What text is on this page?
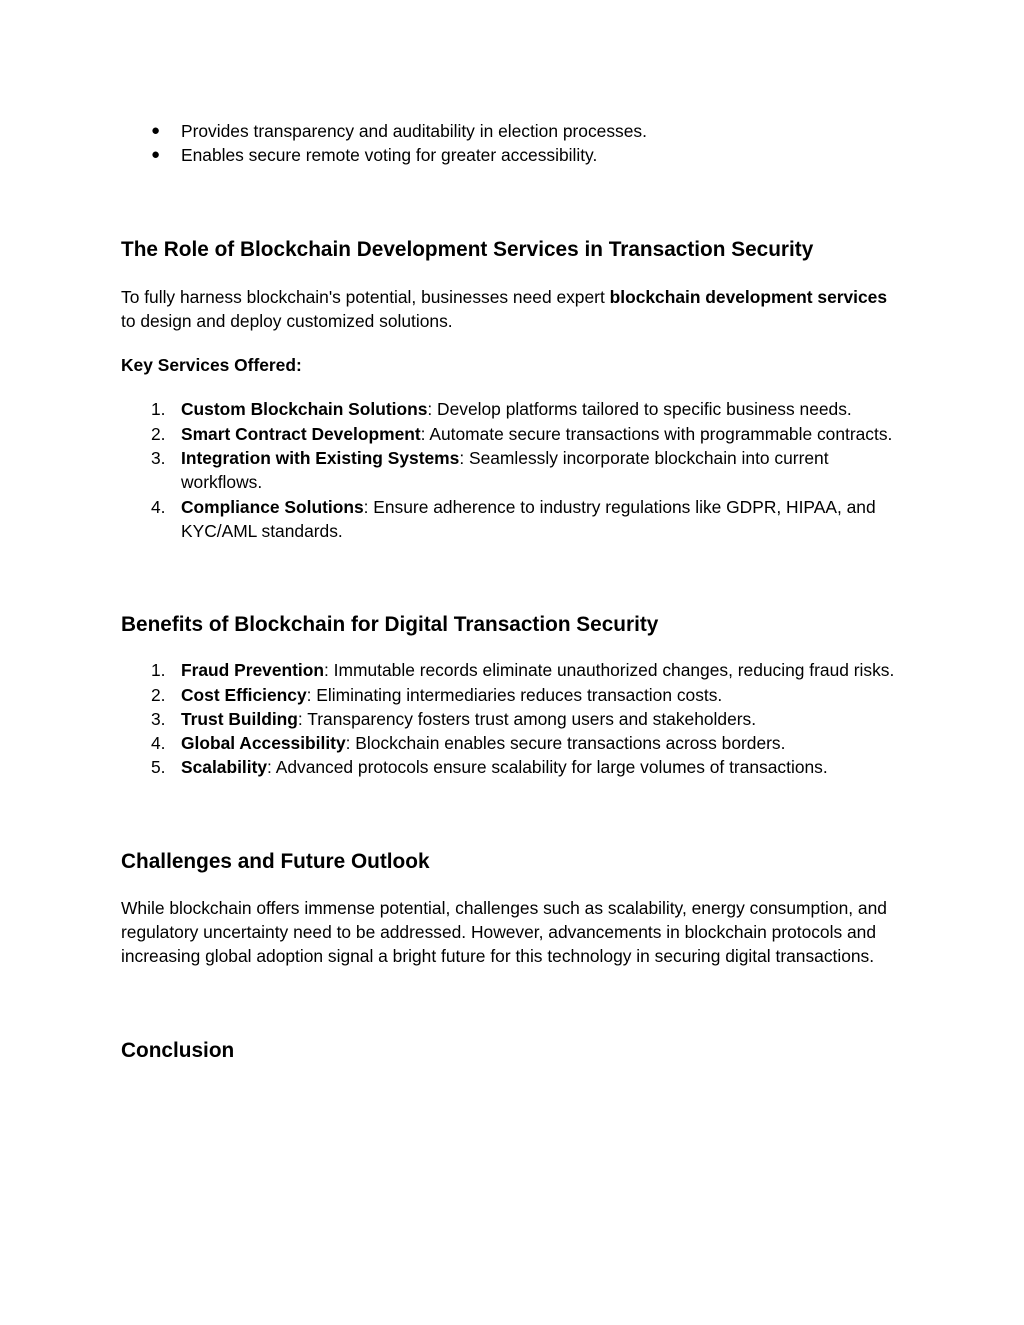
● Provides transparency and auditability in election processes.
● Enables secure remote voting for greater accessibility.
The Role of Blockchain Development Services in Transaction Security

To fully harness blockchain's potential, businesses need expert blockchain development services to design and deploy customized solutions.

Key Services Offered:

1. Custom Blockchain Solutions: Develop platforms tailored to specific business needs.
2. Smart Contract Development: Automate secure transactions with programmable contracts.
3. Integration with Existing Systems: Seamlessly incorporate blockchain into current workflows.
4. Compliance Solutions: Ensure adherence to industry regulations like GDPR, HIPAA, and KYC/AML standards.
Benefits of Blockchain for Digital Transaction Security
1. Fraud Prevention: Immutable records eliminate unauthorized changes, reducing fraud risks.
2. Cost Efficiency: Eliminating intermediaries reduces transaction costs.
3. Trust Building: Transparency fosters trust among users and stakeholders.
4. Global Accessibility: Blockchain enables secure transactions across borders.
5. Scalability: Advanced protocols ensure scalability for large volumes of transactions.
Challenges and Future Outlook

While blockchain offers immense potential, challenges such as scalability, energy consumption, and regulatory uncertainty need to be addressed. However, advancements in blockchain protocols and increasing global adoption signal a bright future for this technology in securing digital transactions.

Conclusion
